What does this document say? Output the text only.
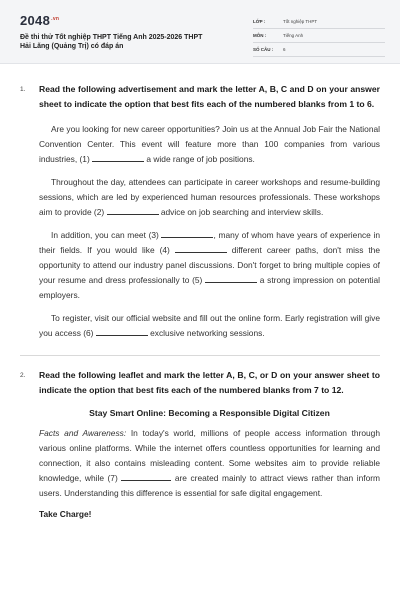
$2048^{.vn}$
Đề thi thử Tốt nghiệp THPT Tiếng Anh 2025-2026 THPT
Hải Lăng (Quảng Trị) có đáp án
LỚP :	Tốt nghiệp THPT
MÔN :	Tiếng Anh
SỐ CÂU :	6
1.	Read the following advertisement and mark the letter A, B, C and D on your answer sheet to indicate the option that best fits each of the numbered blanks from 1 to 6.

Are you looking for new career opportunities? Join us at the Annual Job Fair the National Convention Center. This event will feature more than 100 companies from various industries, (1)	a wide range of job positions.

Throughout the day, attendees can participate in career workshops and resume-building sessions, which are led by experienced human resources professionals. These workshops aim to provide (2)	advice on job searching and interview skills.

In addition, you can meet (3)	, many of whom have years of experience in their fields. If you would like (4)	different career paths, don't miss the opportunity to attend our industry panel discussions. Don't forget to bring multiple copies of your resume and dress professionally to (5)	a strong impression on potential employers.

To register, visit our official website and fill out the online form. Early registration will give you access (6)	exclusive networking sessions.

2.	Read the following leaflet and mark the letter A, B, C, or D on your answer sheet to indicate the option that best fits each of the numbered blanks from 7 to 12.
Stay Smart Online: Becoming a Responsible Digital Citizen

Facts and Awareness: In today's world, millions of people access information through various online platforms. While the internet offers countless opportunities for learning and connection, it also contains misleading content. Some websites aim to provide reliable knowledge, while (7)	are created mainly to attract views rather than inform users. Understanding this difference is essential for safe digital engagement.

Take Charge!
